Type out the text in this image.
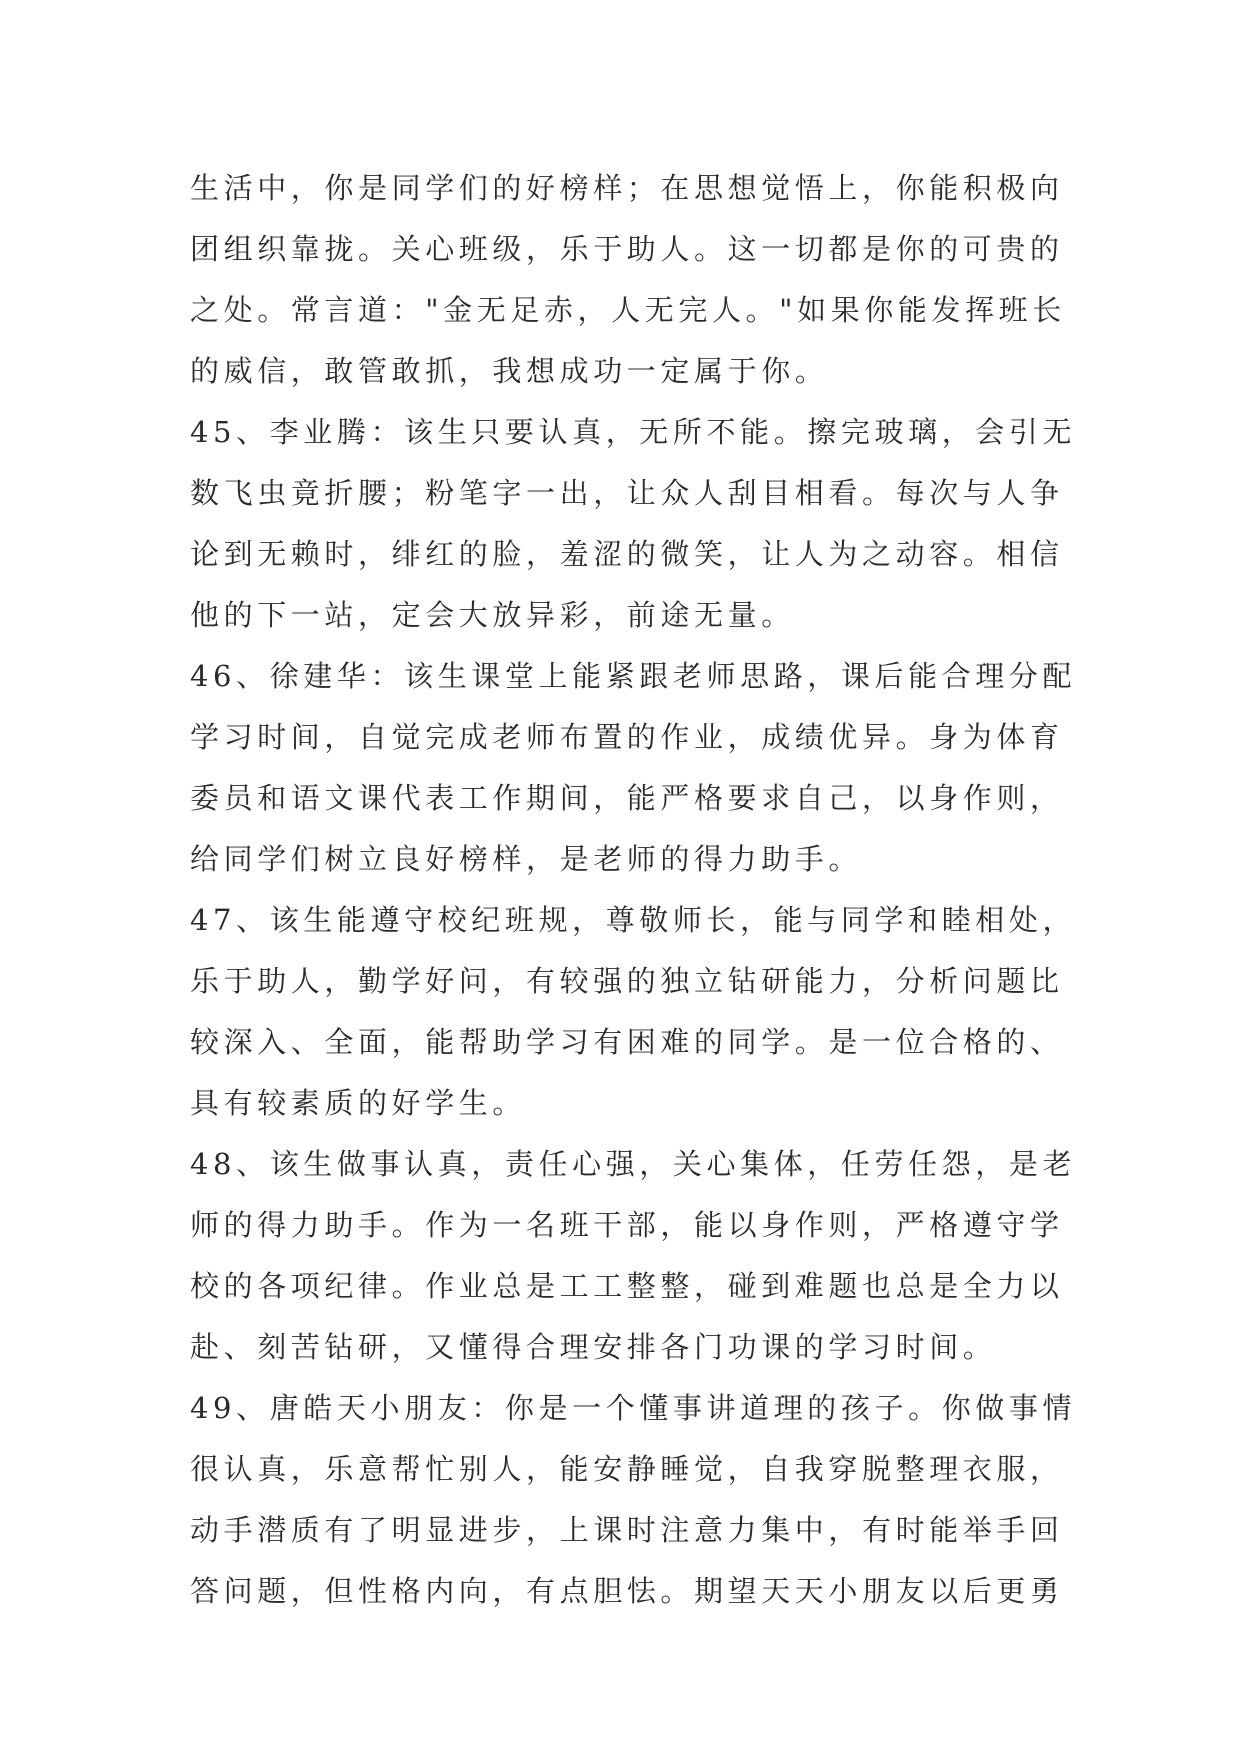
生活中，你是同学们的好榜样；在思想觉悟上，你能积极向
团组织靠拢。关心班级，乐于助人。这一切都是你的可贵的
之处。常言道："金无足赤，人无完人。"如果你能发挥班长
的威信，敢管敢抓，我想成功一定属于你。
45、李业腾：该生只要认真，无所不能。擦完玻璃，会引无
数飞虫竟折腰；粉笔字一出，让众人刮目相看。每次与人争
论到无赖时，绯红的脸，羞涩的微笑，让人为之动容。相信
他的下一站，定会大放异彩，前途无量。
46、徐建华：该生课堂上能紧跟老师思路，课后能合理分配
学习时间，自觉完成老师布置的作业，成绩优异。身为体育
委员和语文课代表工作期间，能严格要求自己，以身作则，
给同学们树立良好榜样，是老师的得力助手。
47、该生能遵守校纪班规，尊敬师长，能与同学和睦相处，
乐于助人，勤学好问，有较强的独立钻研能力，分析问题比
较深入、全面，能帮助学习有困难的同学。是一位合格的、
具有较素质的好学生。
48、该生做事认真，责任心强，关心集体，任劳任怨，是老
师的得力助手。作为一名班干部，能以身作则，严格遵守学
校的各项纪律。作业总是工工整整，碰到难题也总是全力以
赴、刻苦钻研，又懂得合理安排各门功课的学习时间。
49、唐皓天小朋友：你是一个懂事讲道理的孩子。你做事情
很认真，乐意帮忙别人，能安静睡觉，自我穿脱整理衣服，
动手潜质有了明显进步，上课时注意力集中，有时能举手回
答问题，但性格内向，有点胆怯。期望天天小朋友以后更勇
